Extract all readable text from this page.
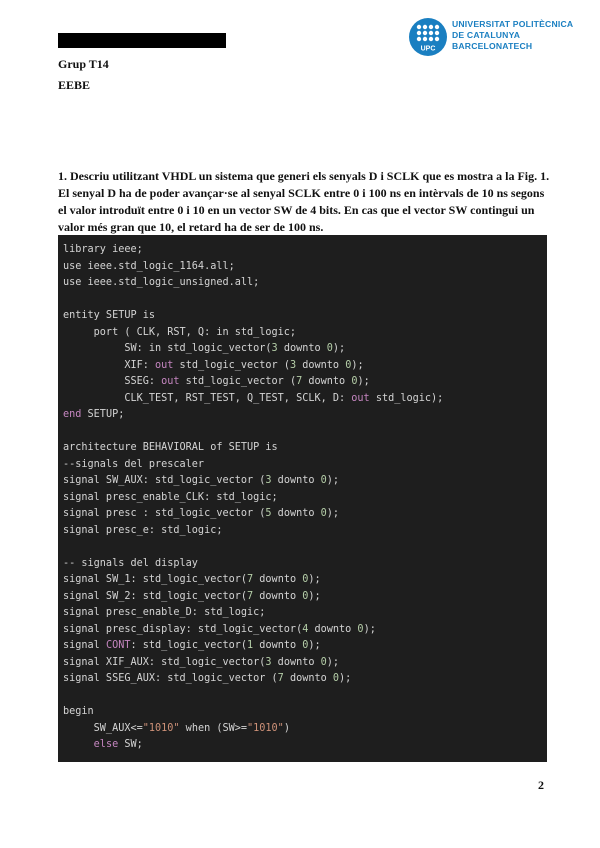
Grup T14
EEBE
UPC
UNIVERSITAT POLITÈCNICA
DE CATALUNYA
BARCELONATECH
1. Descriu utilitzant VHDL un sistema que generi els senyals D i SCLK que es mostra a la Fig. 1. El senyal D ha de poder avançar·se al senyal SCLK entre 0 i 100 ns en intèrvals de 10 ns segons el valor introduït entre 0 i 10 en un vector SW de 4 bits. En cas que el vector SW contingui un valor més gran que 10, el retard ha de ser de 100 ns.
library ieee;
use ieee.std_logic_1164.all;
use ieee.std_logic_unsigned.all;
entity SETUP is
port ( CLK, RST, Q: in std_logic;
SW: in std_logic_vector(3 downto 0);
XIF: out std_logic_vector (3 downto 0);
SSEG: out std_logic_vector (7 downto 0);
CLK_TEST, RST_TEST, Q_TEST, SCLK, D: out std_logic);
end SETUP;
architecture BEHAVIORAL of SETUP is
--signals del prescaler
signal SW_AUX: std_logic_vector (3 downto 0);
signal presc_enable_CLK: std_logic;
signal presc : std_logic_vector (5 downto 0);
signal presc_e: std_logic;
-- signals del display
signal SW_1: std_logic_vector(7 downto 0);
signal SW_2: std_logic_vector(7 downto 0);
signal presc_enable_D: std_logic;
signal presc_display: std_logic_vector(4 downto 0);
signal CONT: std_logic_vector(1 downto 0);
signal XIF_AUX: std_logic_vector(3 downto 0);
signal SSEG_AUX: std_logic_vector (7 downto 0);
begin
SW_AUX<="1010" when (SW>="1010")
else SW;
2
